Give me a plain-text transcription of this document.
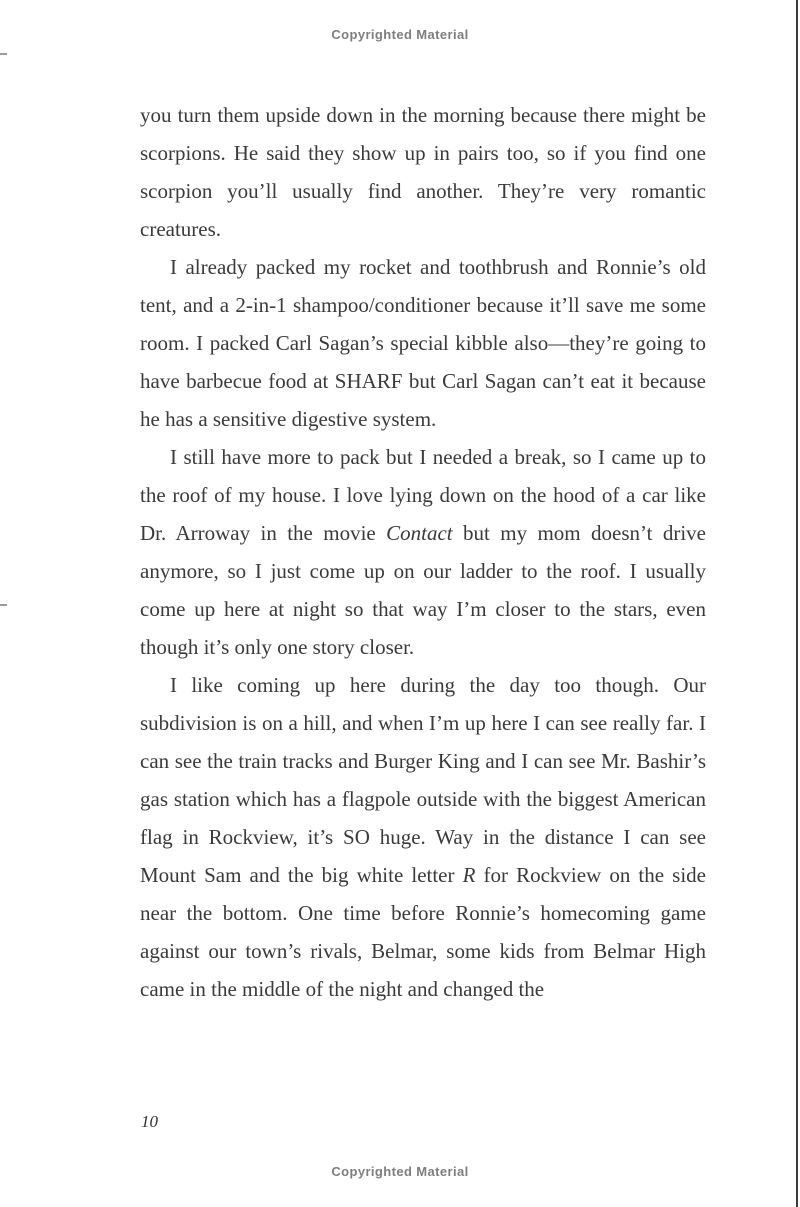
Copyrighted Material

you turn them upside down in the morning because there might be scorpions. He said they show up in pairs too, so if you find one scorpion you’ll usually find another. They’re very romantic creatures.

I already packed my rocket and toothbrush and Ronnie’s old tent, and a 2-in-1 shampoo/conditioner because it’ll save me some room. I packed Carl Sagan’s special kibble also—they’re going to have barbecue food at SHARF but Carl Sagan can’t eat it because he has a sensitive digestive system.

I still have more to pack but I needed a break, so I came up to the roof of my house. I love lying down on the hood of a car like Dr. Arroway in the movie Contact but my mom doesn’t drive anymore, so I just come up on our ladder to the roof. I usually come up here at night so that way I’m closer to the stars, even though it’s only one story closer.

I like coming up here during the day too though. Our subdivision is on a hill, and when I’m up here I can see really far. I can see the train tracks and Burger King and I can see Mr. Bashir’s gas station which has a flagpole outside with the biggest American flag in Rockview, it’s SO huge. Way in the distance I can see Mount Sam and the big white letter R for Rockview on the side near the bottom. One time before Ronnie’s homecoming game against our town’s rivals, Belmar, some kids from Belmar High came in the middle of the night and changed the

10
Copyrighted Material
